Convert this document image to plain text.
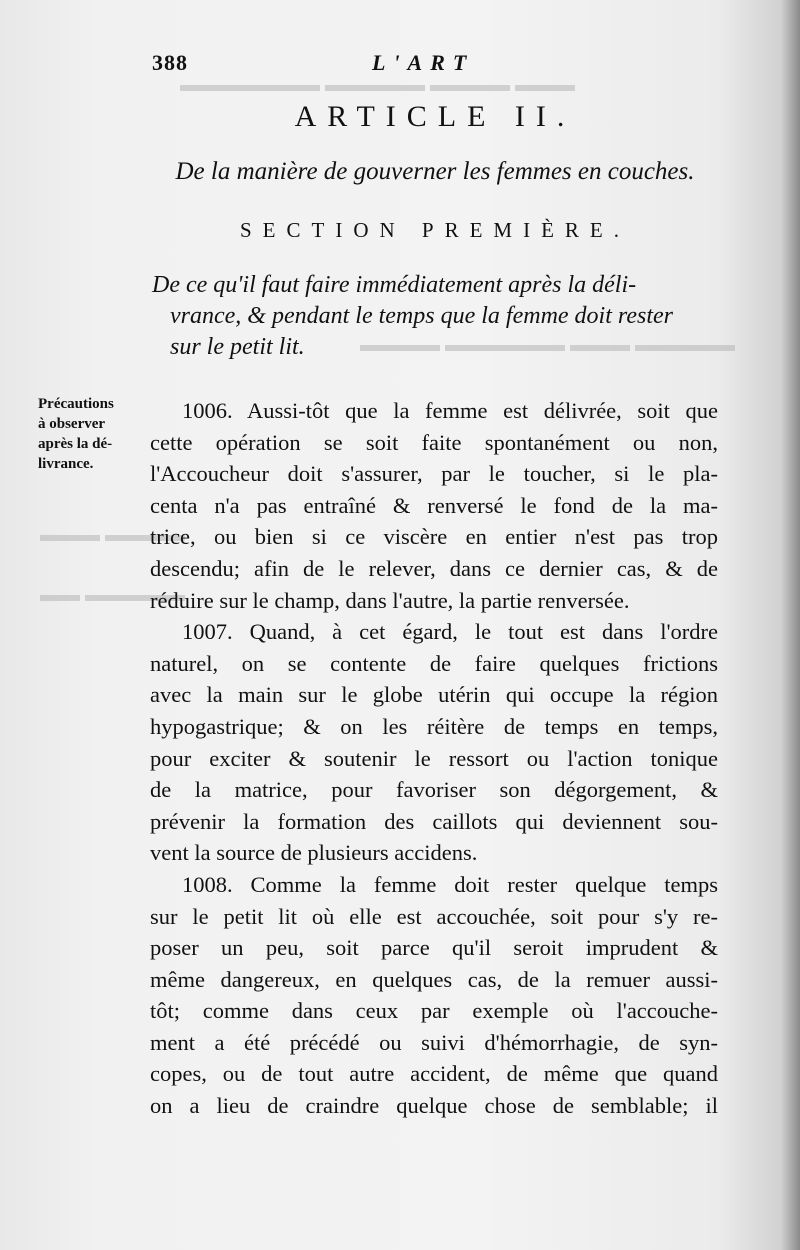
▬▬▬ ▬▬▬▬ ▬▬▬▬▬ ▬▬▬▬▬▬▬
▬▬▬▬▬ ▬▬▬ ▬▬▬▬▬▬ ▬▬▬▬
▬▬▬▬ ▬▬▬
▬▬▬▬▬ ▬▬
388	L'ART
ARTICLE II.
De la manière de gouverner les femmes en couches.
SECTION PREMIÈRE.
De ce qu'il faut faire immédiatement après la déli-
vrance, & pendant le temps que la femme doit rester
sur le petit lit.
Précautions
à observer
après la dé-
livrance.
1006. Aussi-tôt que la femme est délivrée, soit que
cette opération se soit faite spontanément ou non,
l'Accoucheur doit s'assurer, par le toucher, si le pla-
centa n'a pas entraîné & renversé le fond de la ma-
trice, ou bien si ce viscère en entier n'est pas trop
descendu; afin de le relever, dans ce dernier cas, & de
réduire sur le champ, dans l'autre, la partie renversée.
1007. Quand, à cet égard, le tout est dans l'ordre
naturel, on se contente de faire quelques frictions
avec la main sur le globe utérin qui occupe la région
hypogastrique; & on les réitère de temps en temps,
pour exciter & soutenir le ressort ou l'action tonique
de la matrice, pour favoriser son dégorgement, &
prévenir la formation des caillots qui deviennent sou-
vent la source de plusieurs accidens.
1008. Comme la femme doit rester quelque temps
sur le petit lit où elle est accouchée, soit pour s'y re-
poser un peu, soit parce qu'il seroit imprudent &
même dangereux, en quelques cas, de la remuer aussi-
tôt; comme dans ceux par exemple où l'accouche-
ment a été précédé ou suivi d'hémorrhagie, de syn-
copes, ou de tout autre accident, de même que quand
on a lieu de craindre quelque chose de semblable; il
